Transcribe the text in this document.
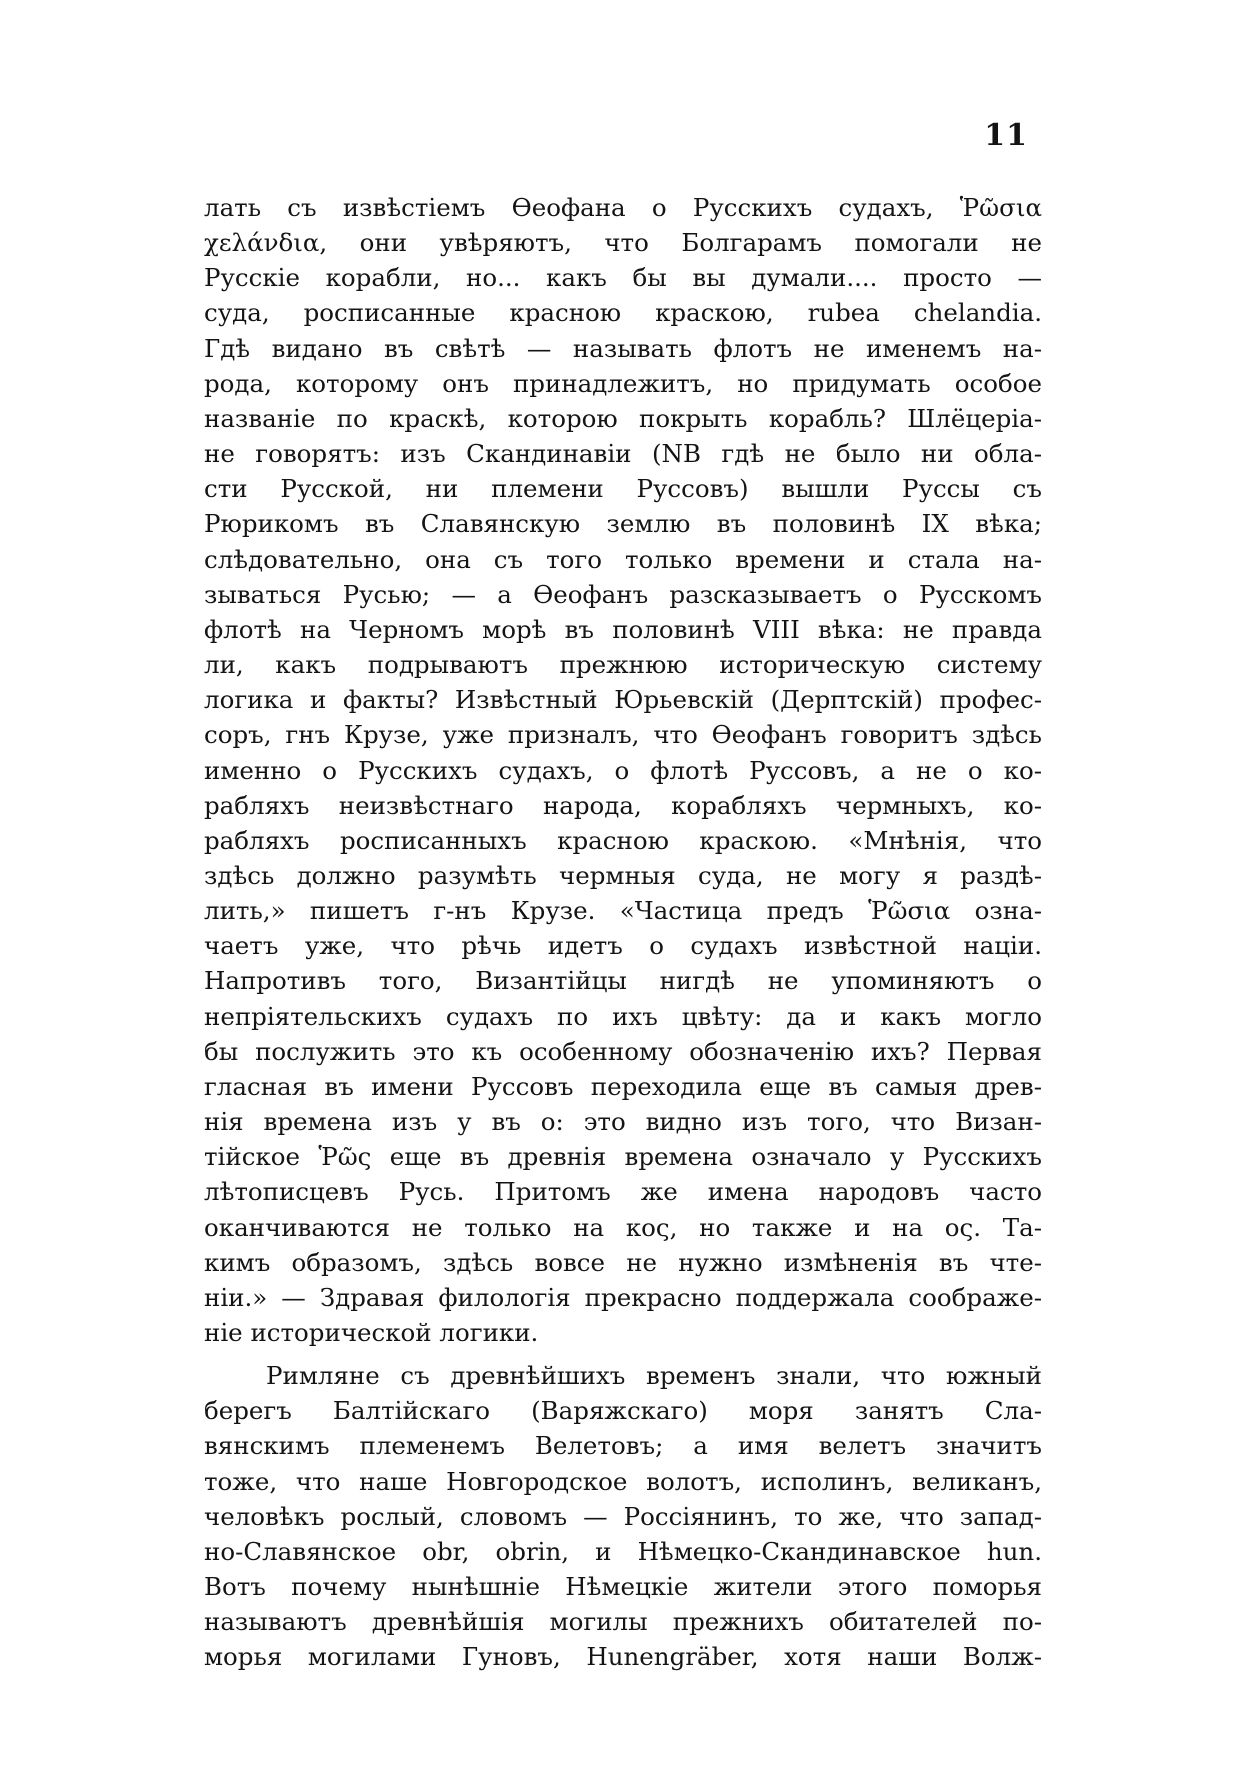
11

лать съ извѣстіемъ Ѳеофана о Русскихъ судахъ, Ῥῶσια

χελάνδια, они увѣряютъ, что Болгарамъ помогали не

Русскіе корабли, но... какъ бы вы думали.... просто —

суда, росписанные красною краскою, rubea chelandia.

Гдѣ видано въ свѣтѣ — называть флотъ не именемъ на-

рода, которому онъ принадлежитъ, но придумать особое

названіе по краскѣ, которою покрыть корабль? Шлёцеріа-

не говорятъ: изъ Скандинавіи (NB гдѣ не было ни обла-

сти Русской, ни племени Руссовъ) вышли Руссы съ

Рюрикомъ въ Славянскую землю въ половинѣ IX вѣка;

слѣдовательно, она съ того только времени и стала на-

зываться Русью; — а Ѳеофанъ разсказываетъ о Русскомъ

флотѣ на Черномъ морѣ въ половинѣ VIII вѣка: не правда

ли, какъ подрываютъ прежнюю историческую систему

логика и факты? Извѣстный Юрьевскій (Дерптскій) профес-

соръ, гнъ Крузе, уже призналъ, что Ѳеофанъ говоритъ здѣсь

именно о Русскихъ судахъ, о флотѣ Руссовъ, а не о ко-

рабляхъ неизвѣстнаго народа, корабляхъ чермныхъ, ко-

рабляхъ росписанныхъ красною краскою. «Мнѣнія, что

здѣсь должно разумѣть чермныя суда, не могу я раздѣ-

лить,» пишетъ г-нъ Крузе. «Частица предъ Ῥῶσια озна-

чаетъ уже, что рѣчь идетъ о судахъ извѣстной націи.

Напротивъ того, Византійцы нигдѣ не упоминяютъ о

непріятельскихъ судахъ по ихъ цвѣту: да и какъ могло

бы послужить это къ особенному обозначенію ихъ? Первая

гласная въ имени Руссовъ переходила еще въ самыя древ-

нія времена изъ у въ о: это видно изъ того, что Визан-

тійское Ῥῶς еще въ древнія времена означало у Русскихъ

лѣтописцевъ Русь. Притомъ же имена народовъ часто

оканчиваются не только на κος, но также и на ος. Та-

кимъ образомъ, здѣсь вовсе не нужно измѣненія въ чте-

ніи.» — Здравая филологія прекрасно поддержала соображе-

ніе исторической логики.

Римляне съ древнѣйшихъ временъ знали, что южный

берегъ Балтійскаго (Варяжскаго) моря занятъ Сла-

вянскимъ племенемъ Велетовъ; а имя велетъ значитъ

тоже, что наше Новгородское волотъ, исполинъ, великанъ,

человѣкъ рослый, словомъ — Россіянинъ, то же, что запад-

но-Славянское obr, obrin, и Нѣмецко-Скандинавское hun.

Вотъ почему нынѣшніе Нѣмецкіе жители этого поморья

называютъ древнѣйшія могилы прежнихъ обитателей по-

морья могилами Гуновъ, Hunengräber, хотя наши Волж-
